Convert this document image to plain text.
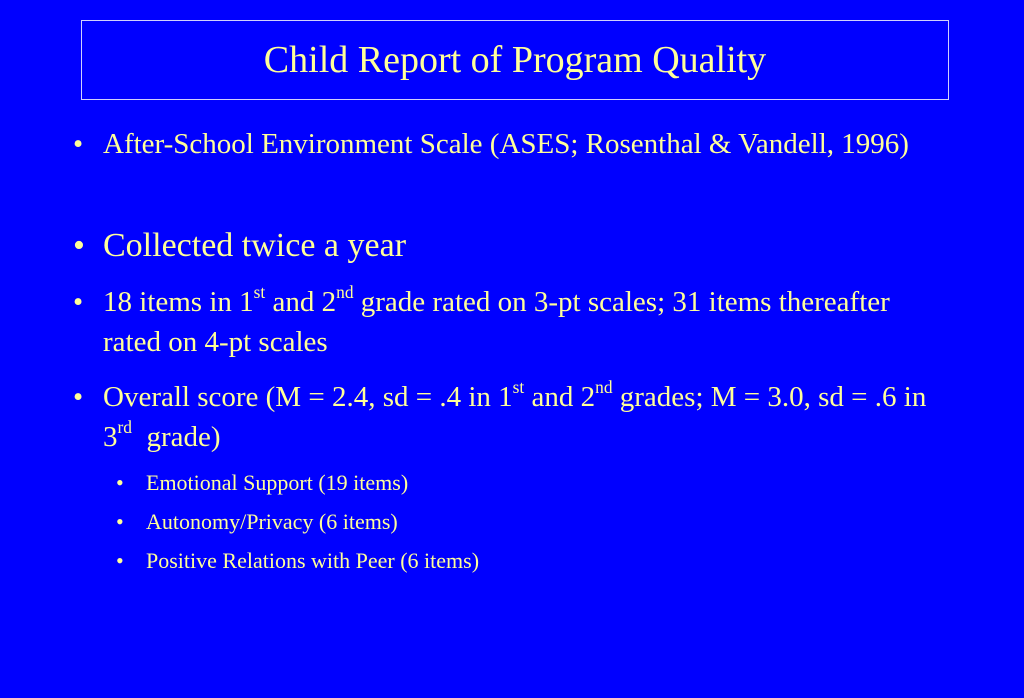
Child Report of Program Quality
• After-School Environment Scale (ASES; Rosenthal & Vandell, 1996)
• Collected twice a year
• 18 items in 1st and 2nd grade rated on 3-pt scales; 31 items thereafter rated on 4-pt scales
• Overall score (M = 2.4, sd = .4 in 1st and 2nd grades; M = 3.0, sd = .6 in 3rd  grade)
•	Emotional Support (19 items)
•	Autonomy/Privacy (6 items)
•	Positive Relations with Peer (6 items)
